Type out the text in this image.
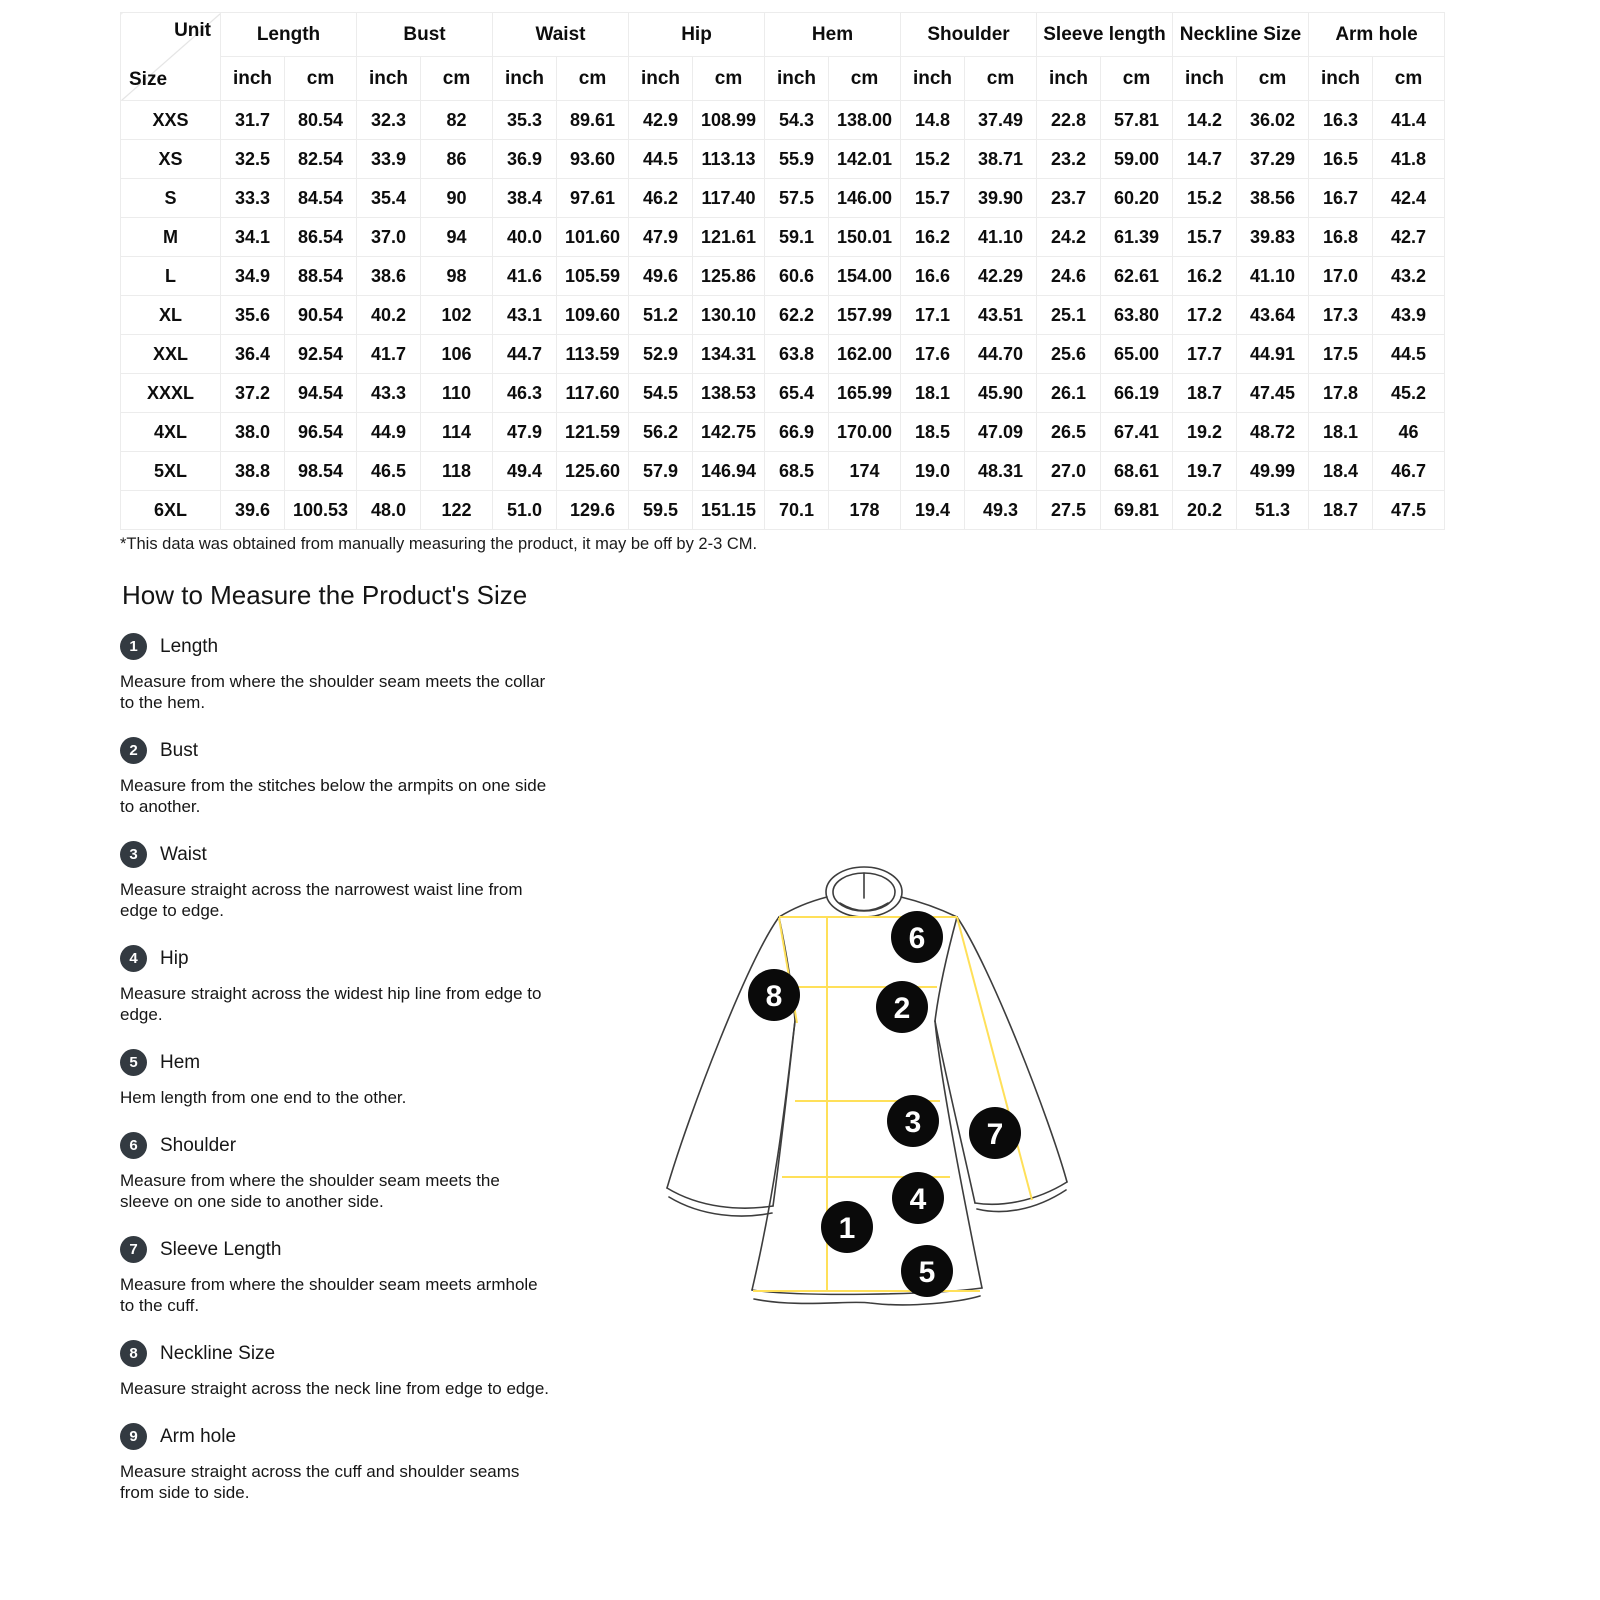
Unit
Size	Length		Bust		Waist		Hip		Hem		Shoulder		Sleeve length		Neckline Size		Arm hole	
	inch	cm	inch	cm	inch	cm	inch	cm	inch	cm	inch	cm	inch	cm	inch	cm	inch	cm
XXS	31.7	80.54	32.3	82	35.3	89.61	42.9	108.99	54.3	138.00	14.8	37.49	22.8	57.81	14.2	36.02	16.3	41.4
XS	32.5	82.54	33.9	86	36.9	93.60	44.5	113.13	55.9	142.01	15.2	38.71	23.2	59.00	14.7	37.29	16.5	41.8
S	33.3	84.54	35.4	90	38.4	97.61	46.2	117.40	57.5	146.00	15.7	39.90	23.7	60.20	15.2	38.56	16.7	42.4
M	34.1	86.54	37.0	94	40.0	101.60	47.9	121.61	59.1	150.01	16.2	41.10	24.2	61.39	15.7	39.83	16.8	42.7
L	34.9	88.54	38.6	98	41.6	105.59	49.6	125.86	60.6	154.00	16.6	42.29	24.6	62.61	16.2	41.10	17.0	43.2
XL	35.6	90.54	40.2	102	43.1	109.60	51.2	130.10	62.2	157.99	17.1	43.51	25.1	63.80	17.2	43.64	17.3	43.9
XXL	36.4	92.54	41.7	106	44.7	113.59	52.9	134.31	63.8	162.00	17.6	44.70	25.6	65.00	17.7	44.91	17.5	44.5
XXXL	37.2	94.54	43.3	110	46.3	117.60	54.5	138.53	65.4	165.99	18.1	45.90	26.1	66.19	18.7	47.45	17.8	45.2
4XL	38.0	96.54	44.9	114	47.9	121.59	56.2	142.75	66.9	170.00	18.5	47.09	26.5	67.41	19.2	48.72	18.1	46
5XL	38.8	98.54	46.5	118	49.4	125.60	57.9	146.94	68.5	174	19.0	48.31	27.0	68.61	19.7	49.99	18.4	46.7
6XL	39.6	100.53	48.0	122	51.0	129.6	59.5	151.15	70.1	178	19.4	49.3	27.5	69.81	20.2	51.3	18.7	47.5
*This data was obtained from manually measuring the product, it may be off by 2-3 CM.
How to Measure the Product's Size
1	Length

Measure from where the shoulder seam meets the collar to the hem.

2	Bust

Measure from the stitches below the armpits on one side to another.

3	Waist

Measure straight across the narrowest waist line from edge to edge.

4	Hip

Measure straight across the widest hip line from edge to edge.

5	Hem

Hem length from one end to the other.

6	Shoulder

Measure from where the shoulder seam meets the sleeve on one side to another side.

7	Sleeve Length

Measure from where the shoulder seam meets armhole to the cuff.

8	Neckline Size

Measure straight across the neck line from edge to edge.

9	Arm hole

Measure straight across the cuff and shoulder seams from side to side.

1
2
3
4
5
6
7
8
